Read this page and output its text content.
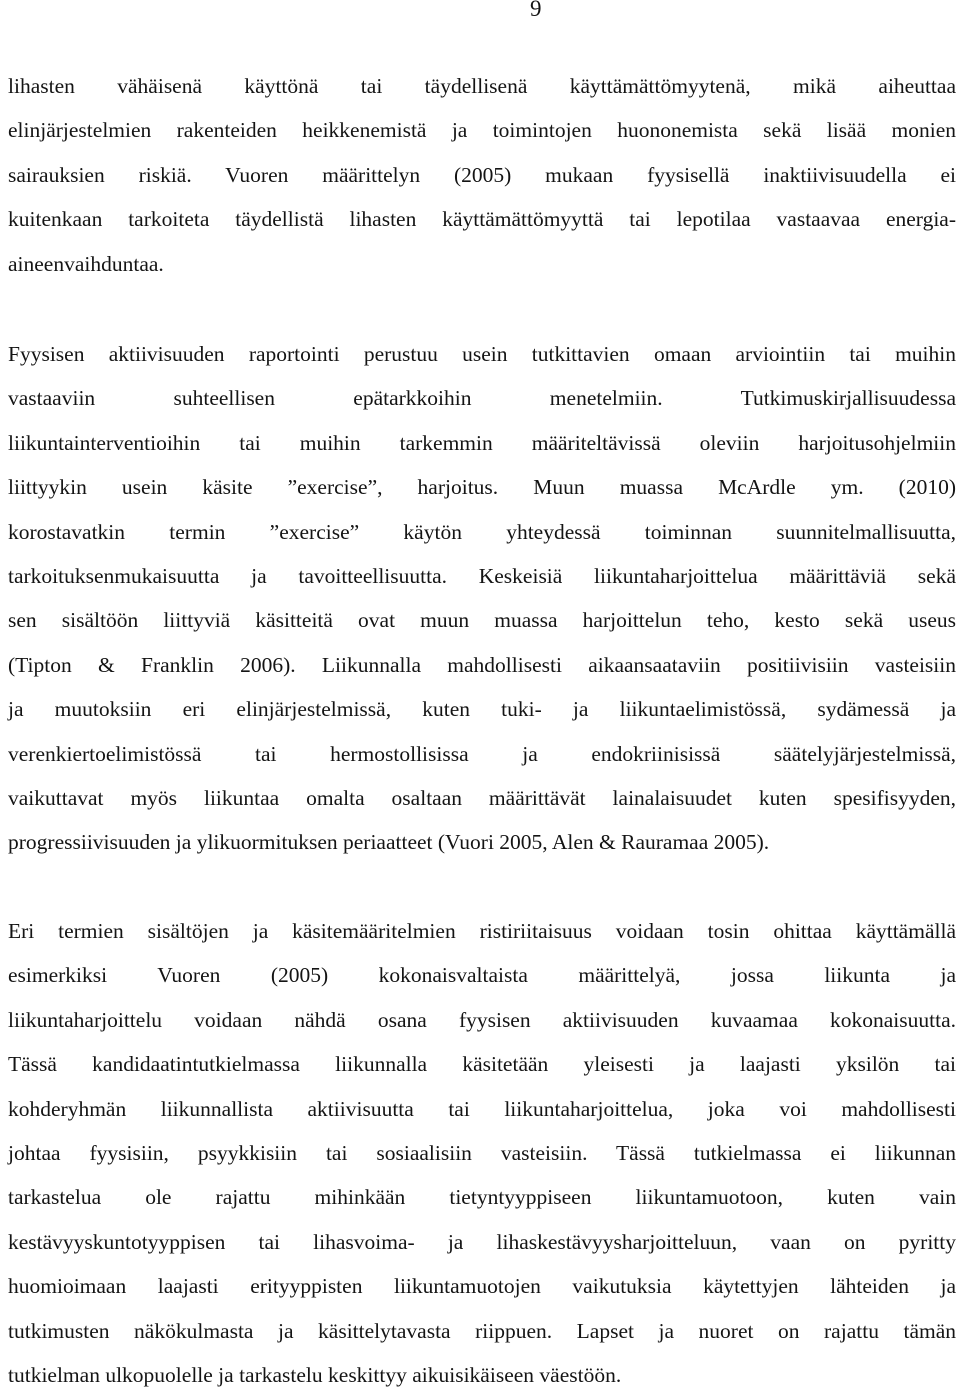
9

lihasten vähäisenä käyttönä tai täydellisenä käyttämättömyytenä, mikä aiheuttaa
elinjärjestelmien rakenteiden heikkenemistä ja toimintojen huononemista sekä lisää monien
sairauksien riskiä. Vuoren määrittelyn (2005) mukaan fyysisellä inaktiivisuudella ei
kuitenkaan tarkoiteta täydellistä lihasten käyttämättömyyttä tai lepotilaa vastaavaa energia-
aineenvaihduntaa.

Fyysisen aktiivisuuden raportointi perustuu usein tutkittavien omaan arviointiin tai muihin
vastaaviin suhteellisen epätarkkoihin menetelmiin. Tutkimuskirjallisuudessa
liikuntainterventioihin tai muihin tarkemmin määriteltävissä oleviin harjoitusohjelmiin
liittyykin usein käsite ”exercise”, harjoitus. Muun muassa McArdle ym. (2010)
korostavatkin termin ”exercise” käytön yhteydessä toiminnan suunnitelmallisuutta,
tarkoituksenmukaisuutta ja tavoitteellisuutta. Keskeisiä liikuntaharjoittelua määrittäviä sekä
sen sisältöön liittyviä käsitteitä ovat muun muassa harjoittelun teho, kesto sekä useus
(Tipton & Franklin 2006). Liikunnalla mahdollisesti aikaansaataviin positiivisiin vasteisiin
ja muutoksiin eri elinjärjestelmissä, kuten tuki- ja liikuntaelimistössä, sydämessä ja
verenkiertoelimistössä tai hermostollisissa ja endokriinisissä säätelyjärjestelmissä,
vaikuttavat myös liikuntaa omalta osaltaan määrittävät lainalaisuudet kuten spesifisyyden,
progressiivisuuden ja ylikuormituksen periaatteet (Vuori 2005, Alen & Rauramaa 2005).

Eri termien sisältöjen ja käsitemääritelmien ristiriitaisuus voidaan tosin ohittaa käyttämällä
esimerkiksi Vuoren (2005) kokonaisvaltaista määrittelyä, jossa liikunta ja
liikuntaharjoittelu voidaan nähdä osana fyysisen aktiivisuuden kuvaamaa kokonaisuutta.
Tässä kandidaatintutkielmassa liikunnalla käsitetään yleisesti ja laajasti yksilön tai
kohderyhmän liikunnallista aktiivisuutta tai liikuntaharjoittelua, joka voi mahdollisesti
johtaa fyysisiin, psyykkisiin tai sosiaalisiin vasteisiin. Tässä tutkielmassa ei liikunnan
tarkastelua ole rajattu mihinkään tietyntyyppiseen liikuntamuotoon, kuten vain
kestävyyskuntotyyppisen tai lihasvoima- ja lihaskestävyysharjoitteluun, vaan on pyritty
huomioimaan laajasti erityyppisten liikuntamuotojen vaikutuksia käytettyjen lähteiden ja
tutkimusten näkökulmasta ja käsittelytavasta riippuen. Lapset ja nuoret on rajattu tämän
tutkielman ulkopuolelle ja tarkastelu keskittyy aikuisikäiseen väestöön.
